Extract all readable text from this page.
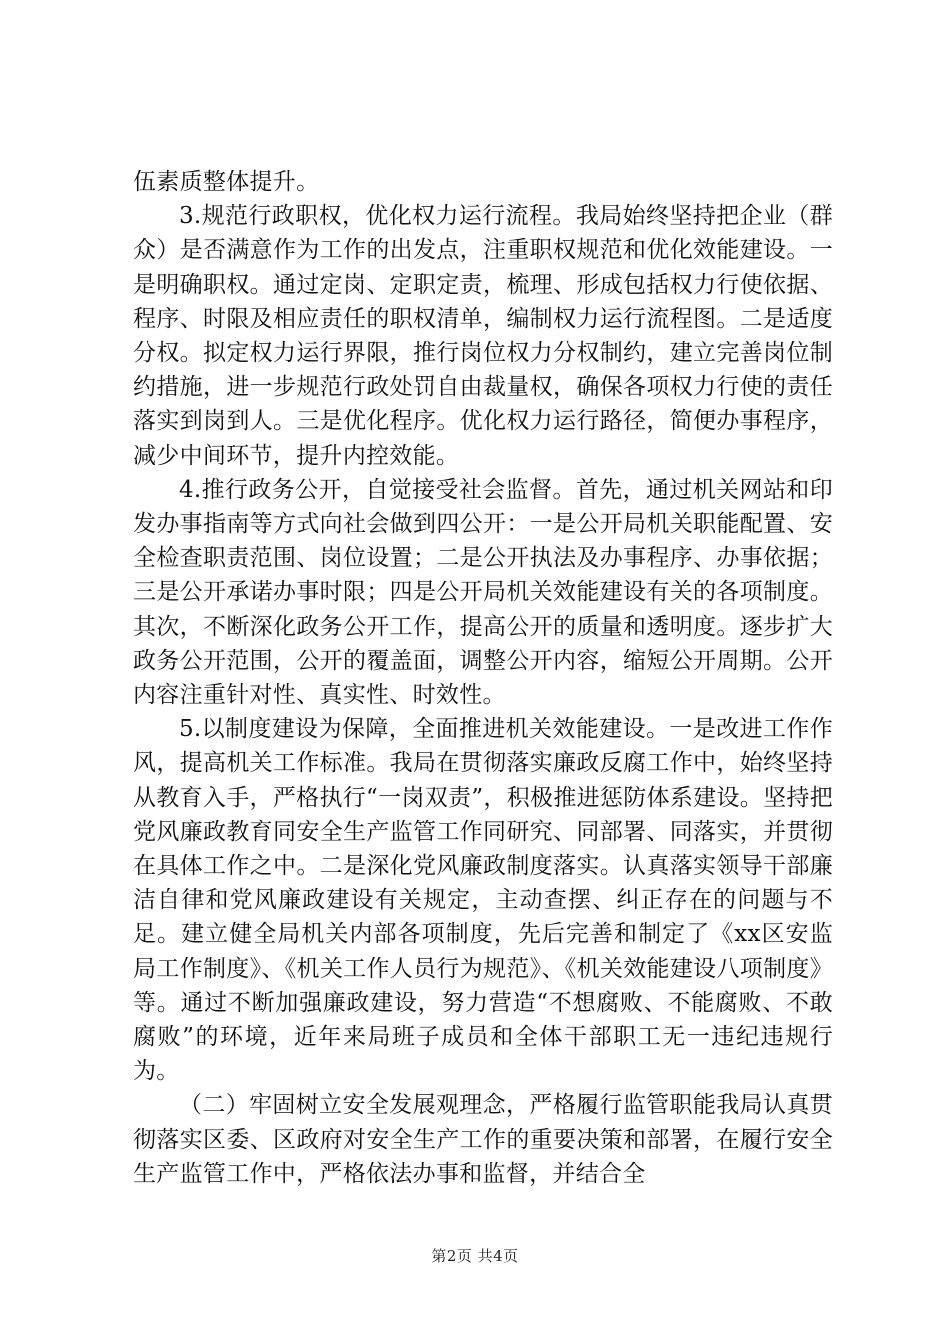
伍素质整体提升。

3.规范行政职权，优化权力运行流程。我局始终坚持把企业（群众）是否满意作为工作的出发点，注重职权规范和优化效能建设。一是明确职权。通过定岗、定职定责，梳理、形成包括权力行使依据、程序、时限及相应责任的职权清单，编制权力运行流程图。二是适度分权。拟定权力运行界限，推行岗位权力分权制约，建立完善岗位制约措施，进一步规范行政处罚自由裁量权，确保各项权力行使的责任落实到岗到人。三是优化程序。优化权力运行路径，简便办事程序，减少中间环节，提升内控效能。

4.推行政务公开，自觉接受社会监督。首先，通过机关网站和印发办事指南等方式向社会做到四公开：一是公开局机关职能配置、安全检查职责范围、岗位设置；二是公开执法及办事程序、办事依据；三是公开承诺办事时限；四是公开局机关效能建设有关的各项制度。其次，不断深化政务公开工作，提高公开的质量和透明度。逐步扩大政务公开范围，公开的覆盖面，调整公开内容，缩短公开周期。公开内容注重针对性、真实性、时效性。

5.以制度建设为保障，全面推进机关效能建设。一是改进工作作风，提高机关工作标准。我局在贯彻落实廉政反腐工作中，始终坚持从教育入手，严格执行“一岗双责”，积极推进惩防体系建设。坚持把党风廉政教育同安全生产监管工作同研究、同部署、同落实，并贯彻在具体工作之中。二是深化党风廉政制度落实。认真落实领导干部廉洁自律和党风廉政建设有关规定，主动查摆、纠正存在的问题与不足。建立健全局机关内部各项制度，先后完善和制定了《xx区安监局工作制度》、《机关工作人员行为规范》、《机关效能建设八项制度》等。通过不断加强廉政建设，努力营造“不想腐败、不能腐败、不敢腐败”的环境，近年来局班子成员和全体干部职工无一违纪违规行为。

（二）牢固树立安全发展观理念，严格履行监管职能我局认真贯彻落实区委、区政府对安全生产工作的重要决策和部署，在履行安全生产监管工作中，严格依法办事和监督，并结合全

第2页 共4页
